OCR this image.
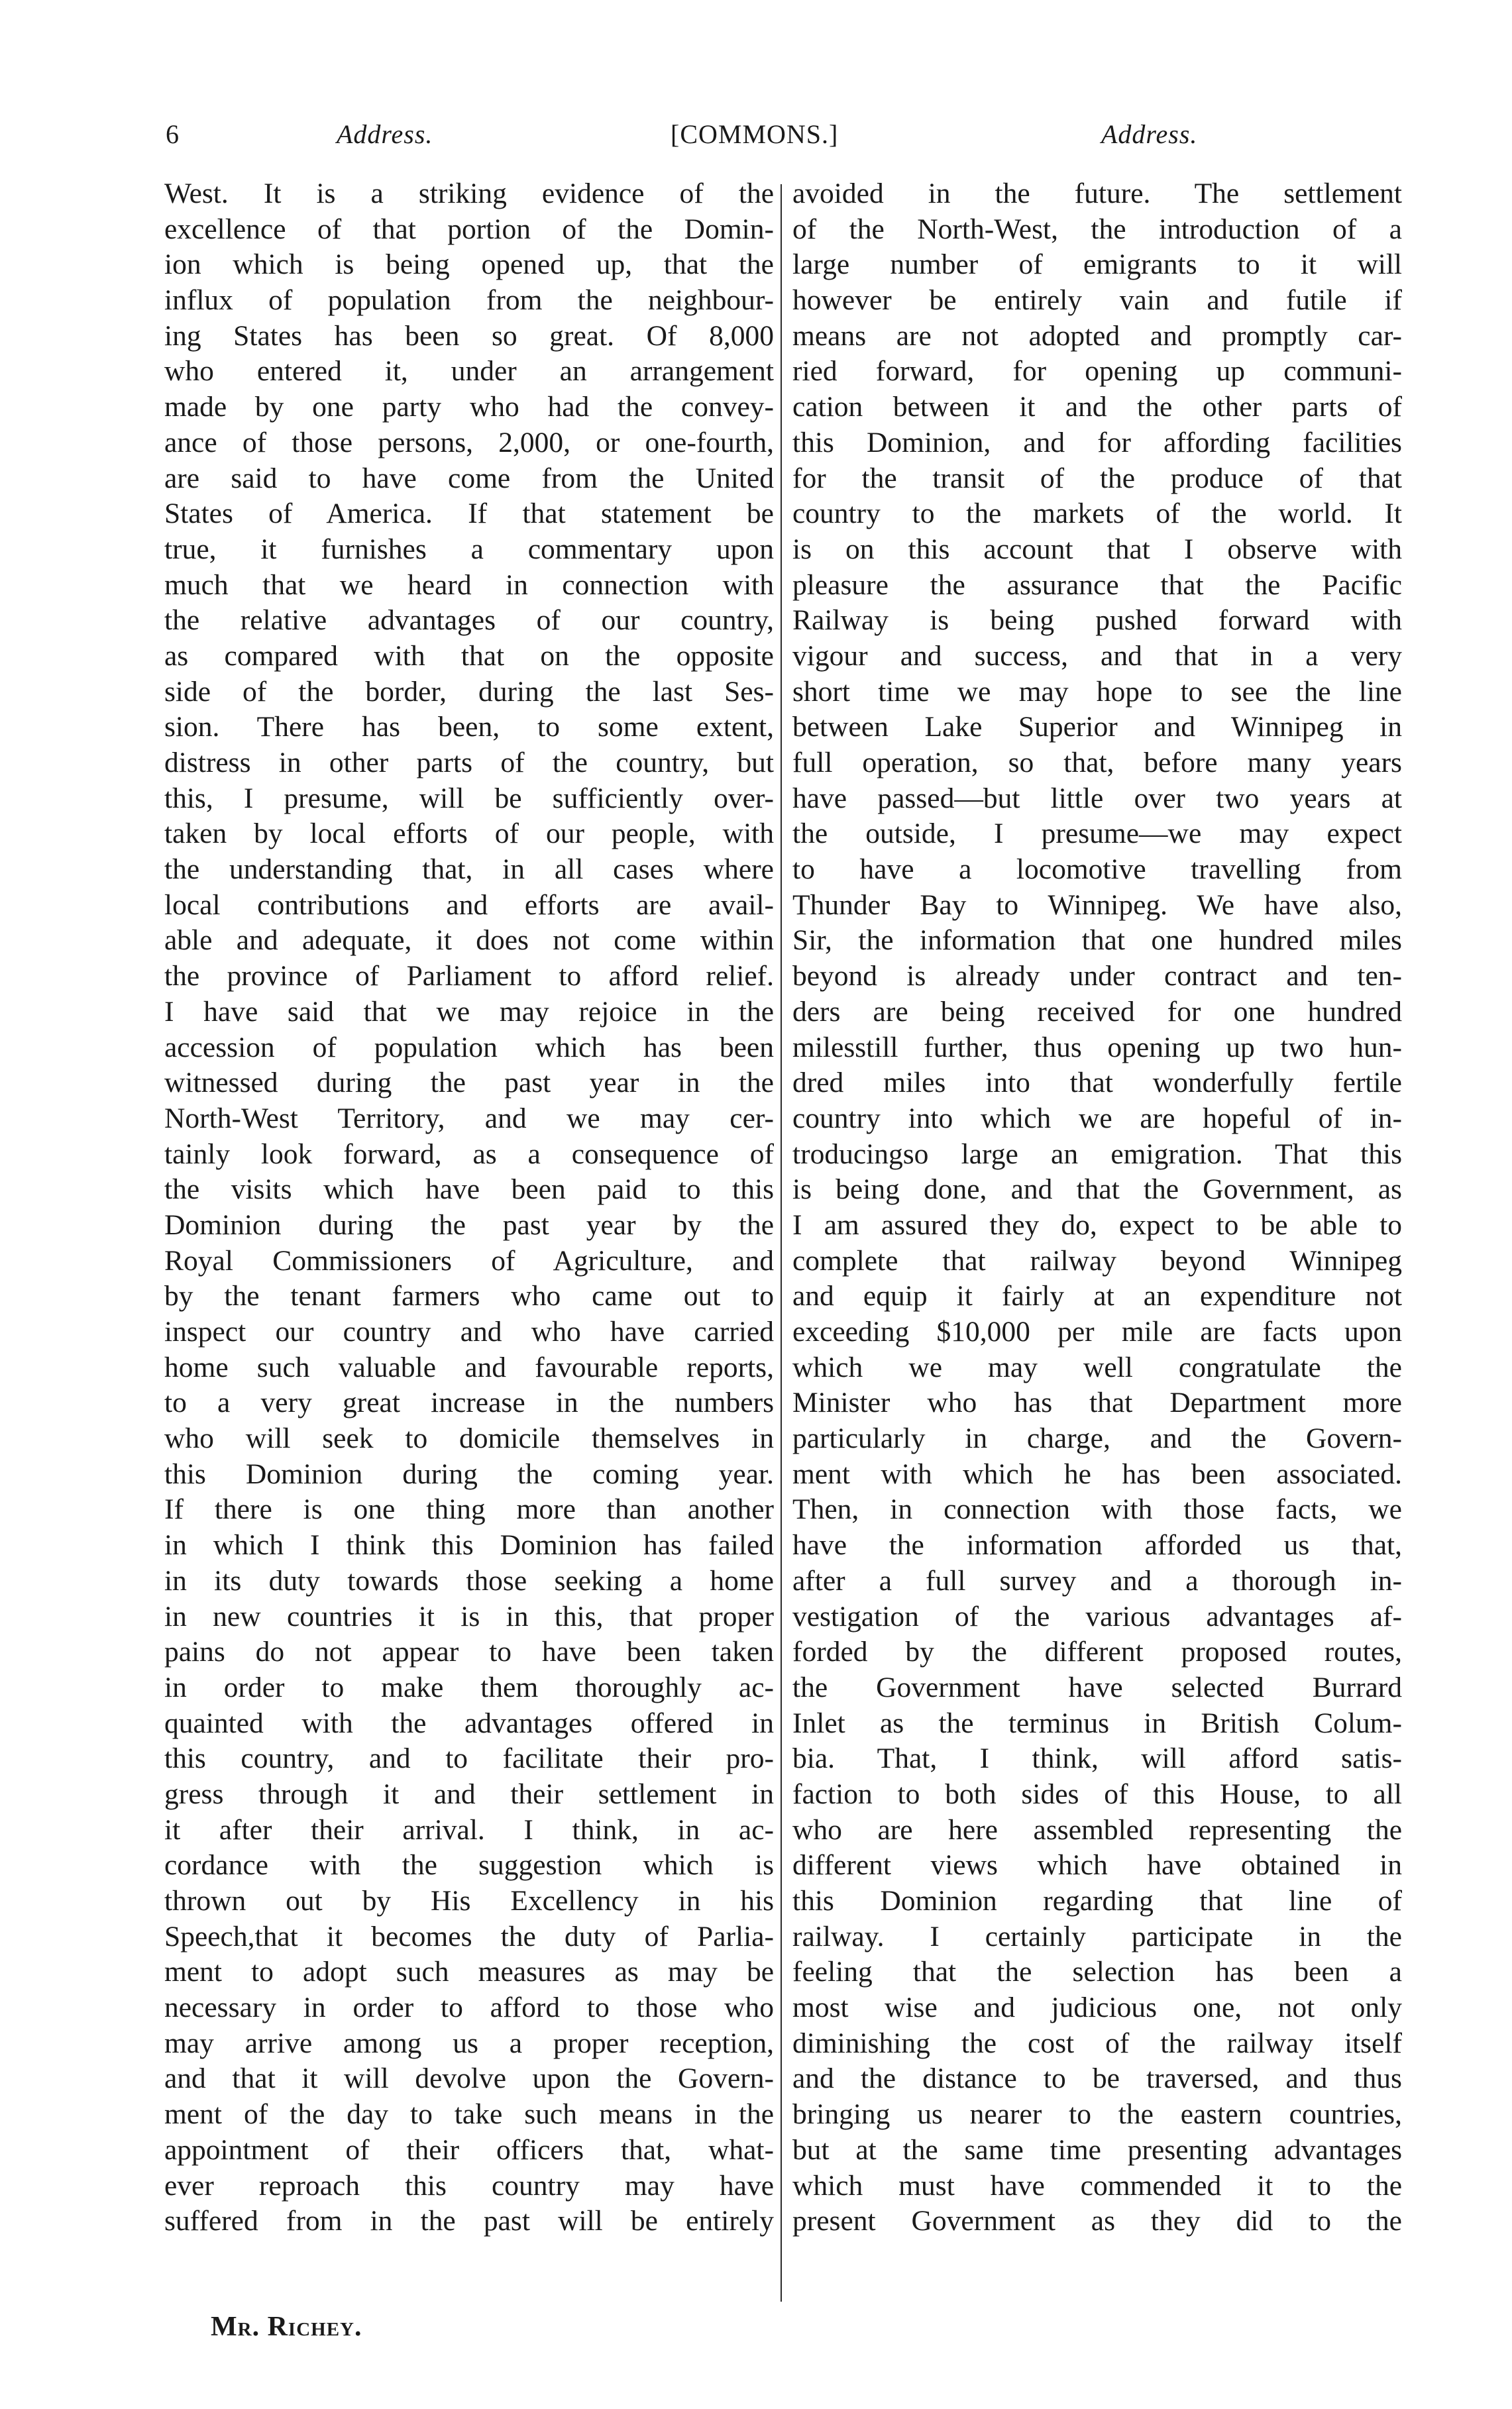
6	Address.	[COMMONS.]	Address.
West. It is a striking evidence of the
excellence of that portion of the Domin-
ion which is being opened up, that the
influx of population from the neighbour-
ing States has been so great. Of 8,000
who entered it, under an arrangement
made by one party who had the convey-
ance of those persons, 2,000, or one-fourth,
are said to have come from the United
States of America. If that statement be
true, it furnishes a commentary upon
much that we heard in connection with
the relative advantages of our country,
as compared with that on the opposite
side of the border, during the last Ses-
sion. There has been, to some extent,
distress in other parts of the country, but
this, I presume, will be sufficiently over-
taken by local efforts of our people, with
the understanding that, in all cases where
local contributions and efforts are avail-
able and adequate, it does not come within
the province of Parliament to afford relief.
I have said that we may rejoice in the
accession of population which has been
witnessed during the past year in the
North-West Territory, and we may cer-
tainly look forward, as a consequence of
the visits which have been paid to this
Dominion during the past year by the
Royal Commissioners of Agriculture, and
by the tenant farmers who came out to
inspect our country and who have carried
home such valuable and favourable reports,
to a very great increase in the numbers
who will seek to domicile themselves in
this Dominion during the coming year.
If there is one thing more than another
in which I think this Dominion has failed
in its duty towards those seeking a home
in new countries it is in this, that proper
pains do not appear to have been taken
in order to make them thoroughly ac-
quainted with the advantages offered in
this country, and to facilitate their pro-
gress through it and their settlement in
it after their arrival. I think, in ac-
cordance with the suggestion which is
thrown out by His Excellency in his
Speech,that it becomes the duty of Parlia-
ment to adopt such measures as may be
necessary in order to afford to those who
may arrive among us a proper reception,
and that it will devolve upon the Govern-
ment of the day to take such means in the
appointment of their officers that, what-
ever reproach this country may have
suffered from in the past will be entirely
avoided in the future. The settlement
of the North-West, the introduction of a
large number of emigrants to it will
however be entirely vain and futile if
means are not adopted and promptly car-
ried forward, for opening up communi-
cation between it and the other parts of
this Dominion, and for affording facilities
for the transit of the produce of that
country to the markets of the world. It
is on this account that I observe with
pleasure the assurance that the Pacific
Railway is being pushed forward with
vigour and success, and that in a very
short time we may hope to see the line
between Lake Superior and Winnipeg in
full operation, so that, before many years
have passed—but little over two years at
the outside, I presume—we may expect
to have a locomotive travelling from
Thunder Bay to Winnipeg. We have also,
Sir, the information that one hundred miles
beyond is already under contract and ten-
ders are being received for one hundred
milesstill further, thus opening up two hun-
dred miles into that wonderfully fertile
country into which we are hopeful of in-
troducingso large an emigration. That this
is being done, and that the Government, as
I am assured they do, expect to be able to
complete that railway beyond Winnipeg
and equip it fairly at an expenditure not
exceeding $10,000 per mile are facts upon
which we may well congratulate the
Minister who has that Department more
particularly in charge, and the Govern-
ment with which he has been associated.
Then, in connection with those facts, we
have the information afforded us that,
after a full survey and a thorough in-
vestigation of the various advantages af-
forded by the different proposed routes,
the Government have selected Burrard
Inlet as the terminus in British Colum-
bia. That, I think, will afford satis-
faction to both sides of this House, to all
who are here assembled representing the
different views which have obtained in
this Dominion regarding that line of
railway. I certainly participate in the
feeling that the selection has been a
most wise and judicious one, not only
diminishing the cost of the railway itself
and the distance to be traversed, and thus
bringing us nearer to the eastern countries,
but at the same time presenting advantages
which must have commended it to the
present Government as they did to the
Mr. Richey.
